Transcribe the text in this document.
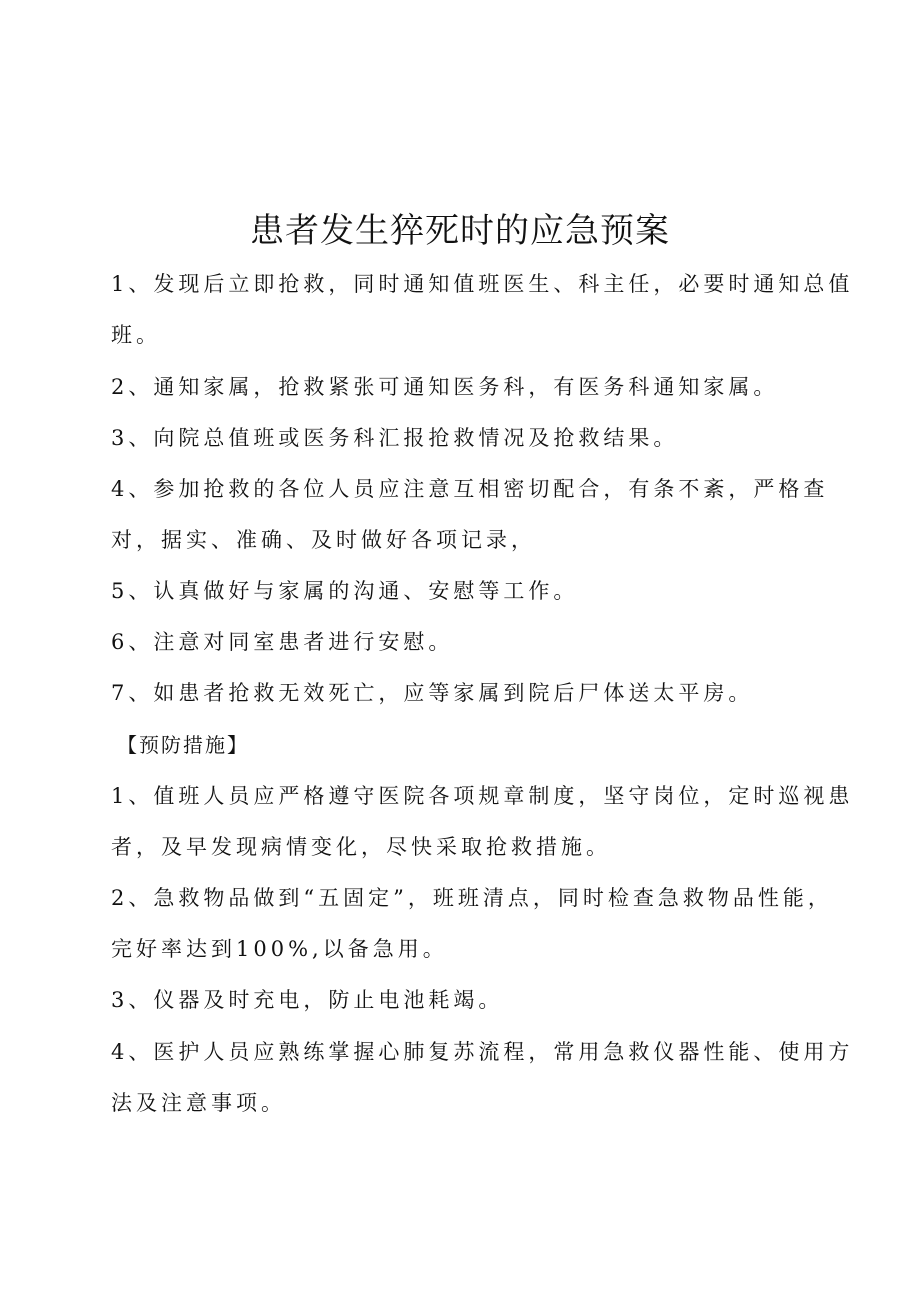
患者发生猝死时的应急预案
1、发现后立即抢救，同时通知值班医生、科主任，必要时通知总值
班。
2、通知家属，抢救紧张可通知医务科，有医务科通知家属。
3、向院总值班或医务科汇报抢救情况及抢救结果。
4、参加抢救的各位人员应注意互相密切配合，有条不紊，严格查
对，据实、准确、及时做好各项记录，
5、认真做好与家属的沟通、安慰等工作。
6、注意对同室患者进行安慰。
7、如患者抢救无效死亡，应等家属到院后尸体送太平房。
【预防措施】
1、值班人员应严格遵守医院各项规章制度，坚守岗位，定时巡视患
者，及早发现病情变化，尽快采取抢救措施。
2、急救物品做到“五固定”，班班清点，同时检查急救物品性能，
完好率达到100%,以备急用。
3、仪器及时充电，防止电池耗竭。
4、医护人员应熟练掌握心肺复苏流程，常用急救仪器性能、使用方
法及注意事项。
